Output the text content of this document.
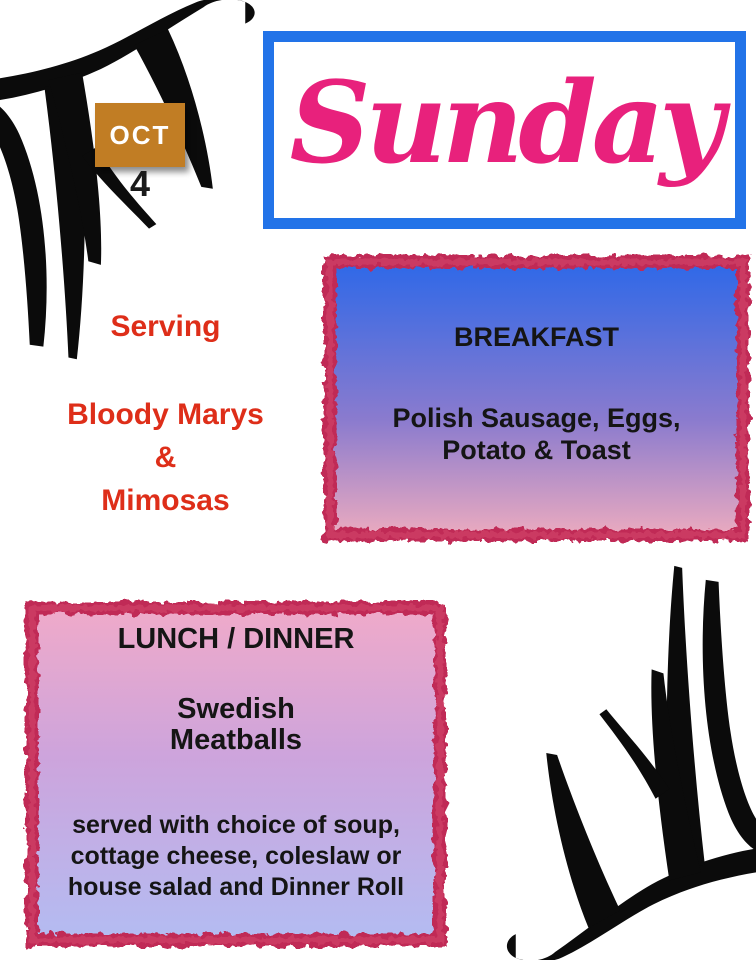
OCT
4	Sunday
Serving
Bloody Marys
&
Mimosas
BREAKFAST
Polish Sausage, Eggs,
Potato & Toast
LUNCH / DINNER
Swedish
Meatballs
served with choice of soup,
cottage cheese, coleslaw or
house salad and Dinner Roll
